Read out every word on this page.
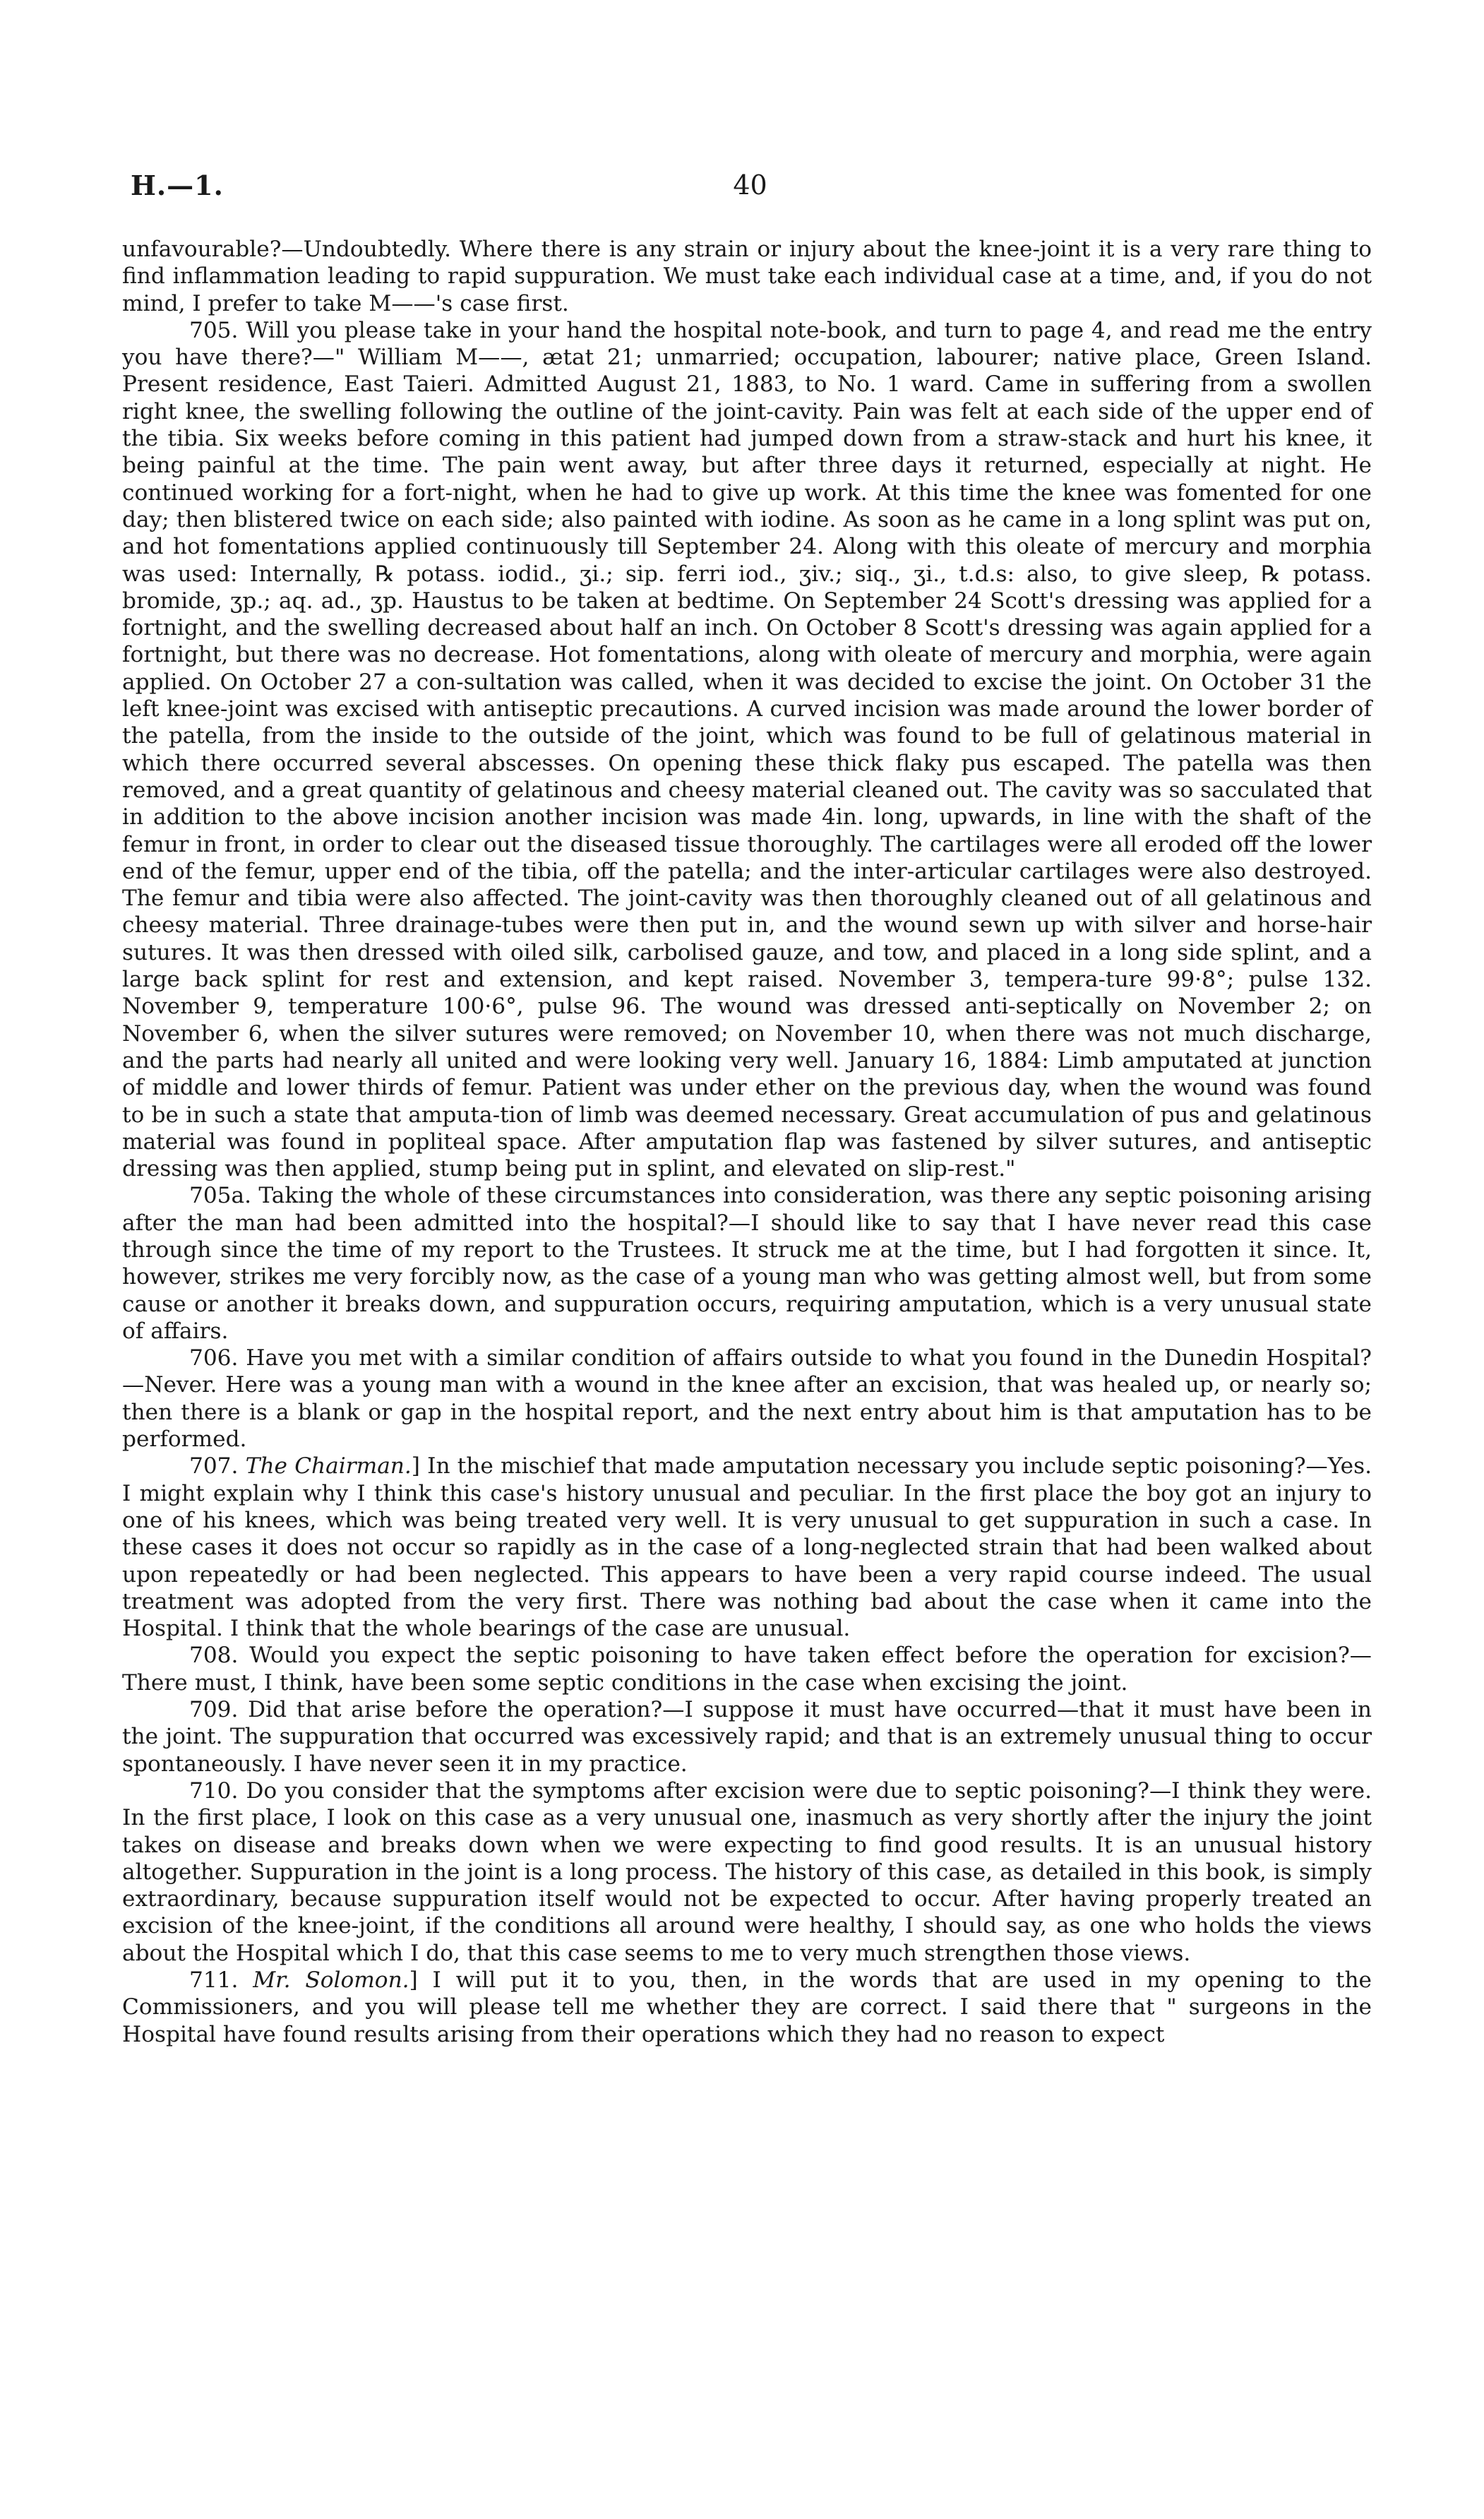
H.—1.	40

unfavourable?—Undoubtedly. Where there is any strain or injury about the knee-joint it is a very rare thing to find inflammation leading to rapid suppuration. We must take each individual case at a time, and, if you do not mind, I prefer to take M——'s case first.

705. Will you please take in your hand the hospital note-book, and turn to page 4, and read me the entry you have there?—" William M——, ætat 21; unmarried; occupation, labourer; native place, Green Island. Present residence, East Taieri. Admitted August 21, 1883, to No. 1 ward. Came in suffering from a swollen right knee, the swelling following the outline of the joint-cavity. Pain was felt at each side of the upper end of the tibia. Six weeks before coming in this patient had jumped down from a straw-stack and hurt his knee, it being painful at the time. The pain went away, but after three days it returned, especially at night. He continued working for a fort-night, when he had to give up work. At this time the knee was fomented for one day; then blistered twice on each side; also painted with iodine. As soon as he came in a long splint was put on, and hot fomentations applied continuously till September 24. Along with this oleate of mercury and morphia was used: Internally, ℞ potass. iodid., ʒi.; sip. ferri iod., ʒiv.; siq., ʒi., t.d.s: also, to give sleep, ℞ potass. bromide, ʒp.; aq. ad., ʒp. Haustus to be taken at bedtime. On September 24 Scott's dressing was applied for a fortnight, and the swelling decreased about half an inch. On October 8 Scott's dressing was again applied for a fortnight, but there was no decrease. Hot fomentations, along with oleate of mercury and morphia, were again applied. On October 27 a con-sultation was called, when it was decided to excise the joint. On October 31 the left knee-joint was excised with antiseptic precautions. A curved incision was made around the lower border of the patella, from the inside to the outside of the joint, which was found to be full of gelatinous material in which there occurred several abscesses. On opening these thick flaky pus escaped. The patella was then removed, and a great quantity of gelatinous and cheesy material cleaned out. The cavity was so sacculated that in addition to the above incision another incision was made 4in. long, upwards, in line with the shaft of the femur in front, in order to clear out the diseased tissue thoroughly. The cartilages were all eroded off the lower end of the femur, upper end of the tibia, off the patella; and the inter-articular cartilages were also destroyed. The femur and tibia were also affected. The joint-cavity was then thoroughly cleaned out of all gelatinous and cheesy material. Three drainage-tubes were then put in, and the wound sewn up with silver and horse-hair sutures. It was then dressed with oiled silk, carbolised gauze, and tow, and placed in a long side splint, and a large back splint for rest and extension, and kept raised. November 3, tempera-ture 99·8°; pulse 132. November 9, temperature 100·6°, pulse 96. The wound was dressed anti-septically on November 2; on November 6, when the silver sutures were removed; on November 10, when there was not much discharge, and the parts had nearly all united and were looking very well. January 16, 1884: Limb amputated at junction of middle and lower thirds of femur. Patient was under ether on the previous day, when the wound was found to be in such a state that amputa-tion of limb was deemed necessary. Great accumulation of pus and gelatinous material was found in popliteal space. After amputation flap was fastened by silver sutures, and antiseptic dressing was then applied, stump being put in splint, and elevated on slip-rest."

705a. Taking the whole of these circumstances into consideration, was there any septic poisoning arising after the man had been admitted into the hospital?—I should like to say that I have never read this case through since the time of my report to the Trustees. It struck me at the time, but I had forgotten it since. It, however, strikes me very forcibly now, as the case of a young man who was getting almost well, but from some cause or another it breaks down, and suppuration occurs, requiring amputation, which is a very unusual state of affairs.

706. Have you met with a similar condition of affairs outside to what you found in the Dunedin Hospital?—Never. Here was a young man with a wound in the knee after an excision, that was healed up, or nearly so; then there is a blank or gap in the hospital report, and the next entry about him is that amputation has to be performed.

707. The Chairman.] In the mischief that made amputation necessary you include septic poisoning?—Yes. I might explain why I think this case's history unusual and peculiar. In the first place the boy got an injury to one of his knees, which was being treated very well. It is very unusual to get suppuration in such a case. In these cases it does not occur so rapidly as in the case of a long-neglected strain that had been walked about upon repeatedly or had been neglected. This appears to have been a very rapid course indeed. The usual treatment was adopted from the very first. There was nothing bad about the case when it came into the Hospital. I think that the whole bearings of the case are unusual.

708. Would you expect the septic poisoning to have taken effect before the operation for excision?—There must, I think, have been some septic conditions in the case when excising the joint.

709. Did that arise before the operation?—I suppose it must have occurred—that it must have been in the joint. The suppuration that occurred was excessively rapid; and that is an extremely unusual thing to occur spontaneously. I have never seen it in my practice.

710. Do you consider that the symptoms after excision were due to septic poisoning?—I think they were. In the first place, I look on this case as a very unusual one, inasmuch as very shortly after the injury the joint takes on disease and breaks down when we were expecting to find good results. It is an unusual history altogether. Suppuration in the joint is a long process. The history of this case, as detailed in this book, is simply extraordinary, because suppuration itself would not be expected to occur. After having properly treated an excision of the knee-joint, if the conditions all around were healthy, I should say, as one who holds the views about the Hospital which I do, that this case seems to me to very much strengthen those views.

711. Mr. Solomon.] I will put it to you, then, in the words that are used in my opening to the Commissioners, and you will please tell me whether they are correct. I said there that " surgeons in the Hospital have found results arising from their operations which they had no reason to expect
